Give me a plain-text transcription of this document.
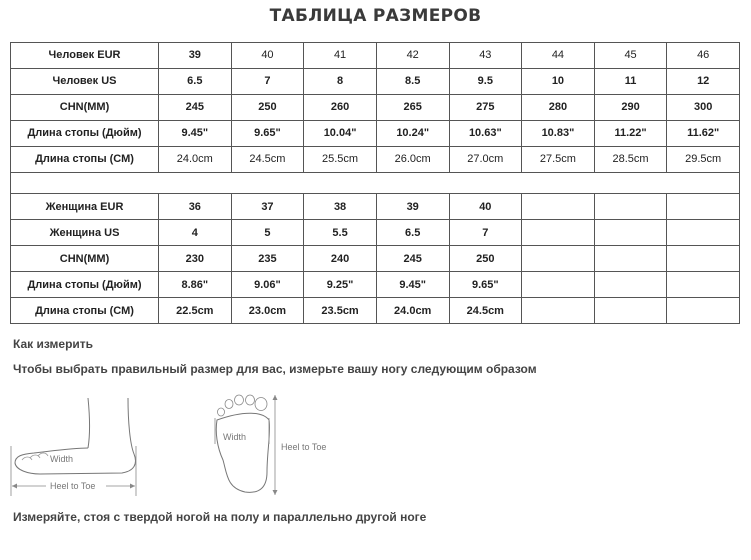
ТАБЛИЦА РАЗМЕРОВ
Человек EUR	39	40	41	42	43	44	45	46
Человек US	6.5	7	8	8.5	9.5	10	11	12
CHN(MM)	245	250	260	265	275	280	290	300
Длина стопы (Дюйм)	9.45"	9.65"	10.04"	10.24"	10.63"	10.83"	11.22"	11.62"
Длина стопы (СМ)	24.0cm	24.5cm	25.5cm	26.0cm	27.0cm	27.5cm	28.5cm	29.5cm

Женщина EUR	36	37	38	39	40			
Женщина US	4	5	5.5	6.5	7			
CHN(MM)	230	235	240	245	250			
Длина стопы (Дюйм)	8.86"	9.06"	9.25"	9.45"	9.65"			
Длина стопы (СМ)	22.5cm	23.0cm	23.5cm	24.0cm	24.5cm			
Как измерить
Чтобы выбрать правильный размер для вас, измерьте вашу ногу следующим образом
Heel to Toe
Width
Width
Heel to Toe
Измеряйте, стоя с твердой ногой на полу и параллельно другой ноге
